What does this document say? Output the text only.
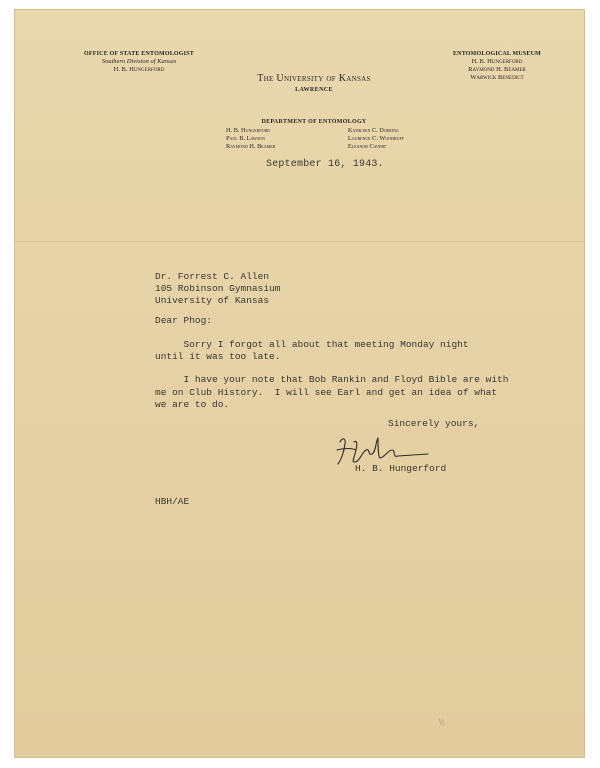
OFFICE OF STATE ENTOMOLOGIST
Southern Division of Kansas
H. B. Hungerford
The University of Kansas
LAWRENCE
ENTOMOLOGICAL MUSEUM
H. B. Hungerford
Raymond H. Beamer
Warwick Benedict
DEPARTMENT OF ENTOMOLOGY
H. B. Hungerford
Paul B. Lawson
Raymond H. Beamer
Kathleen C. Doering
Laurence C. Woodruff
Eleanor Cavert
September 16, 1943.
Dr. Forrest C. Allen
105 Robinson Gymnasium
University of Kansas
Dear Phog:
Sorry I forgot all about that meeting Monday night
until it was too late.
I have your note that Bob Rankin and Floyd Bible are with
me on Club History.  I will see Earl and get an idea of what
we are to do.
Sincerely yours,
H. B. Hungerford
HBH/AE
